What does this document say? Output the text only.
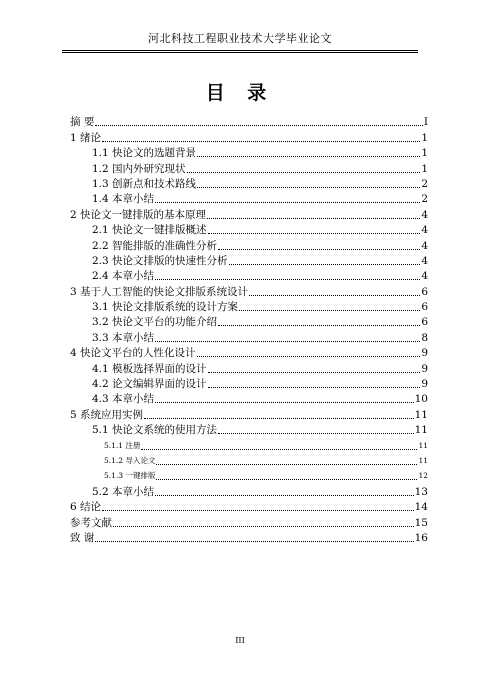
河北科技工程职业技术大学毕业论文
目 录
摘 要	I
1 绪论	1
1.1 快论文的选题背景	1
1.2 国内外研究现状	1
1.3 创新点和技术路线	2
1.4 本章小结	2
2 快论文一键排版的基本原理	4
2.1 快论文一键排版概述	4
2.2 智能排版的准确性分析	4
2.3 快论文排版的快速性分析	4
2.4 本章小结	4
3 基于人工智能的快论文排版系统设计	6
3.1 快论文排版系统的设计方案	6
3.2 快论文平台的功能介绍	6
3.3 本章小结	8
4 快论文平台的人性化设计	9
4.1 模板选择界面的设计	9
4.2 论文编辑界面的设计	9
4.3 本章小结	10
5 系统应用实例	11
5.1 快论文系统的使用方法	11
5.1.1 注册	11
5.1.2 导入论文	11
5.1.3 一键排版	12
5.2 本章小结	13
6 结论	14
参考文献	15
致 谢	16
III
